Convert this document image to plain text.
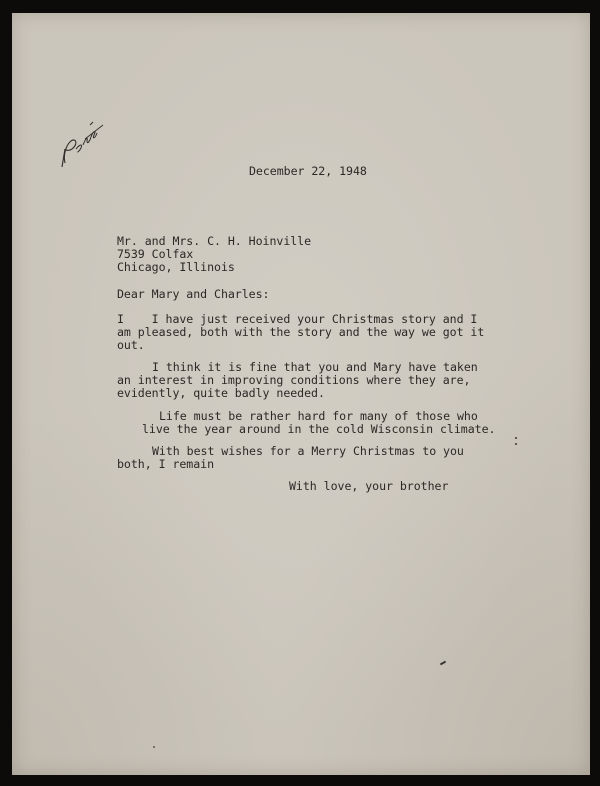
December 22, 1948
Mr. and Mrs. C. H. Hoinville
7539 Colfax
Chicago, Illinois
Dear Mary and Charles:
I    I have just received your Christmas story and I
am pleased, both with the story and the way we got it
out.
I think it is fine that you and Mary have taken
an interest in improving conditions where they are,
evidently, quite badly needed.
Life must be rather hard for many of those who
live the year around in the cold Wisconsin climate.
With best wishes for a Merry Christmas to you
both, I remain
With love, your brother
